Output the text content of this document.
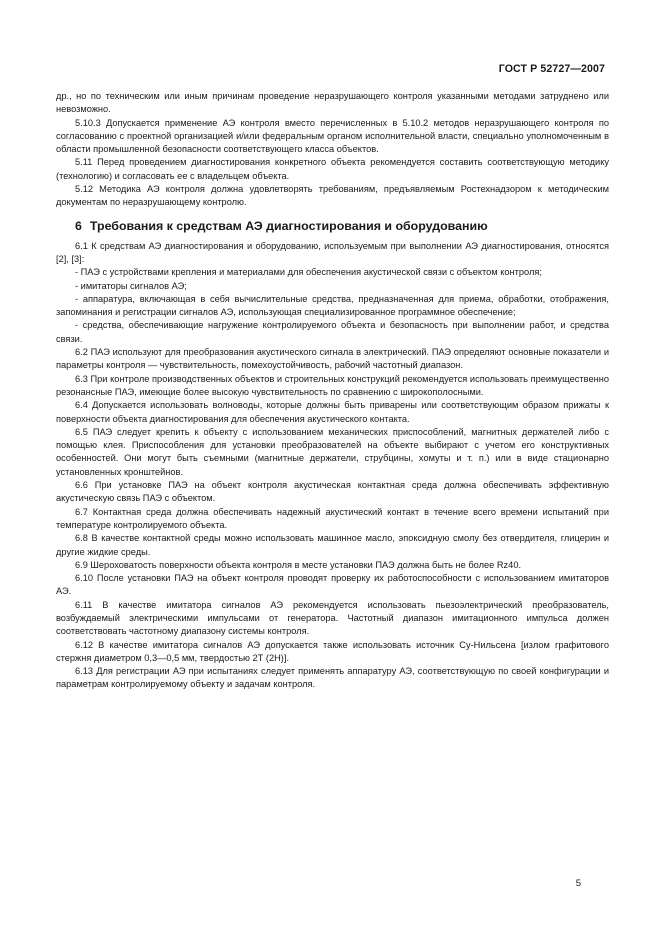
ГОСТ Р 52727—2007

др., но по техническим или иным причинам проведение неразрушающего контроля указанными методами затруднено или невозможно.

5.10.3 Допускается применение АЭ контроля вместо перечисленных в 5.10.2 методов неразрушающего контроля по согласованию с проектной организацией и/или федеральным органом исполнительной власти, специально уполномоченным в области промышленной безопасности соответствующего класса объектов.

5.11 Перед проведением диагностирования конкретного объекта рекомендуется составить соответствующую методику (технологию) и согласовать ее с владельцем объекта.

5.12 Методика АЭ контроля должна удовлетворять требованиям, предъявляемым Ростехнадзором к методическим документам по неразрушающему контролю.

6 Требования к средствам АЭ диагностирования и оборудованию

6.1 К средствам АЭ диагностирования и оборудованию, используемым при выполнении АЭ диагностирования, относятся [2], [3]:

- ПАЭ с устройствами крепления и материалами для обеспечения акустической связи с объектом контроля;

- имитаторы сигналов АЭ;

- аппаратура, включающая в себя вычислительные средства, предназначенная для приема, обработки, отображения, запоминания и регистрации сигналов АЭ, использующая специализированное программное обеспечение;

- средства, обеспечивающие нагружение контролируемого объекта и безопасность при выполнении работ, и средства связи.

6.2 ПАЭ используют для преобразования акустического сигнала в электрический. ПАЭ определяют основные показатели и параметры контроля — чувствительность, помехоустойчивость, рабочий частотный диапазон.

6.3 При контроле производственных объектов и строительных конструкций рекомендуется использовать преимущественно резонансные ПАЭ, имеющие более высокую чувствительность по сравнению с широкополосными.

6.4 Допускается использовать волноводы, которые должны быть приварены или соответствующим образом прижаты к поверхности объекта диагностирования для обеспечения акустического контакта.

6.5 ПАЭ следует крепить к объекту с использованием механических приспособлений, магнитных держателей либо с помощью клея. Приспособления для установки преобразователей на объекте выбирают с учетом его конструктивных особенностей. Они могут быть съемными (магнитные держатели, струбцины, хомуты и т. п.) или в виде стационарно установленных кронштейнов.

6.6 При установке ПАЭ на объект контроля акустическая контактная среда должна обеспечивать эффективную акустическую связь ПАЭ с объектом.

6.7 Контактная среда должна обеспечивать надежный акустический контакт в течение всего времени испытаний при температуре контролируемого объекта.

6.8 В качестве контактной среды можно использовать машинное масло, эпоксидную смолу без отвердителя, глицерин и другие жидкие среды.

6.9 Шероховатость поверхности объекта контроля в месте установки ПАЭ должна быть не более Rz40.

6.10 После установки ПАЭ на объект контроля проводят проверку их работоспособности с использованием имитаторов АЭ.

6.11 В качестве имитатора сигналов АЭ рекомендуется использовать пьезоэлектрический преобразователь, возбуждаемый электрическими импульсами от генератора. Частотный диапазон имитационного импульса должен соответствовать частотному диапазону системы контроля.

6.12 В качестве имитатора сигналов АЭ допускается также использовать источник Су-Нильсена [излом графитового стержня диаметром 0,3—0,5 мм, твердостью 2Т (2Н)].

6.13 Для регистрации АЭ при испытаниях следует применять аппаратуру АЭ, соответствующую по своей конфигурации и параметрам контролируемому объекту и задачам контроля.

5
